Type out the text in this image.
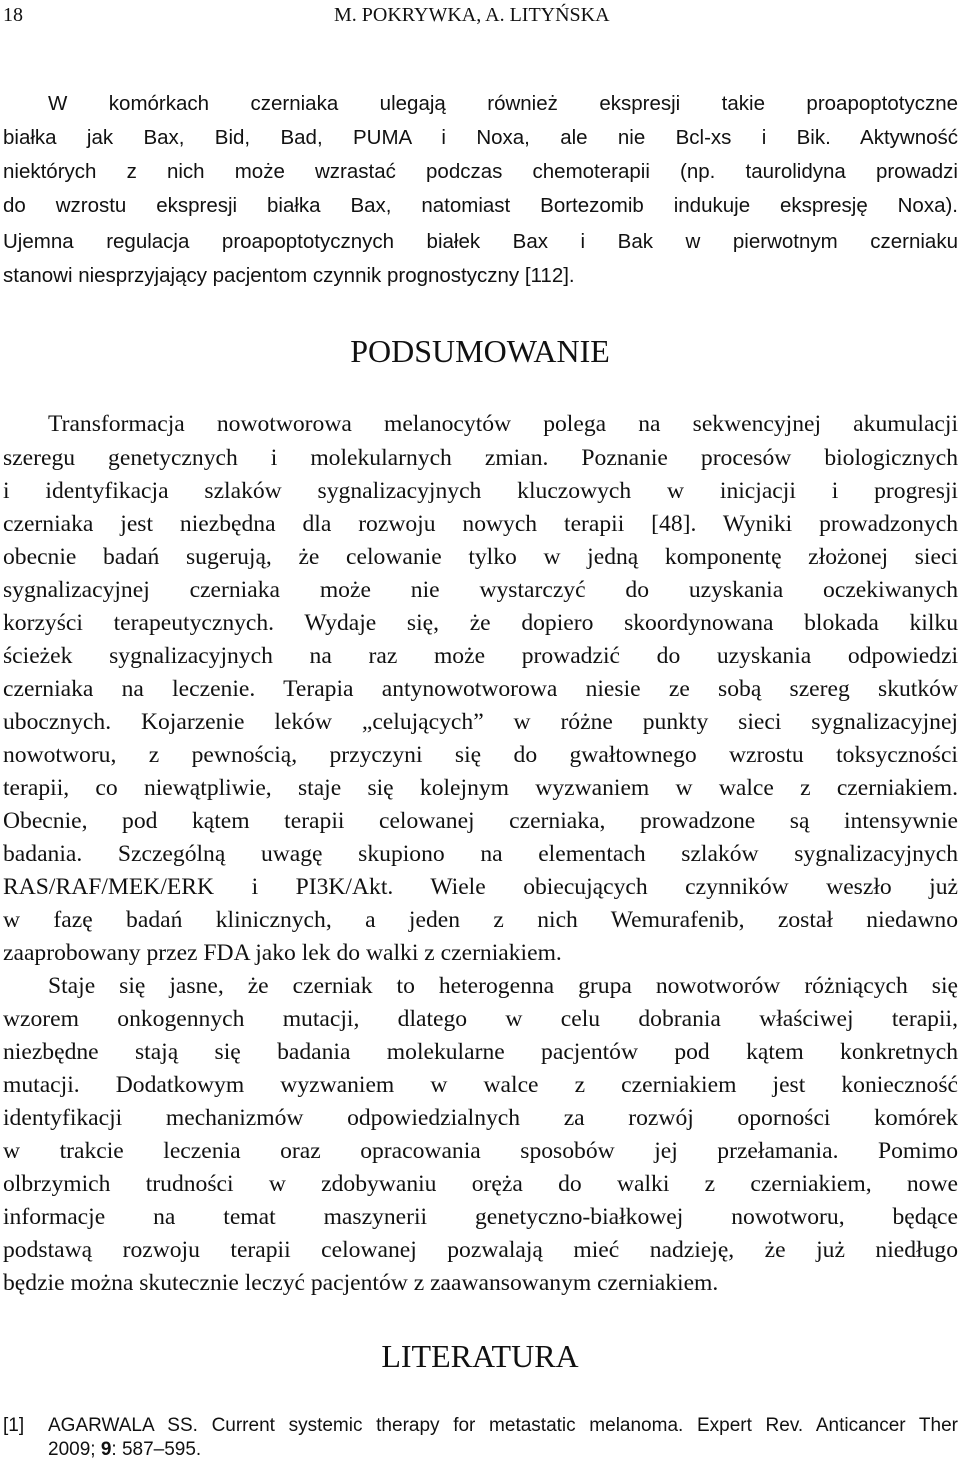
18	M. POKRYWKA, A. LITYŃSKA
W komórkach czerniaka ulegają również ekspresji takie proapoptotyczne
białka jak Bax, Bid, Bad, PUMA i Noxa, ale nie Bcl-xs i Bik. Aktywność
niektórych z nich może wzrastać podczas chemoterapii (np. taurolidyna prowadzi
do wzrostu ekspresji białka Bax, natomiast Bortezomib indukuje ekspresję Noxa).
Ujemna regulacja proapoptotycznych białek Bax i Bak w pierwotnym czerniaku
stanowi niesprzyjający pacjentom czynnik prognostyczny [112].
PODSUMOWANIE
Transformacja nowotworowa melanocytów polega na sekwencyjnej akumulacji
szeregu genetycznych i molekularnych zmian. Poznanie procesów biologicznych
i identyfikacja szlaków sygnalizacyjnych kluczowych w inicjacji i progresji
czerniaka jest niezbędna dla rozwoju nowych terapii [48]. Wyniki prowadzonych
obecnie badań sugerują, że celowanie tylko w jedną komponentę złożonej sieci
sygnalizacyjnej czerniaka może nie wystarczyć do uzyskania oczekiwanych
korzyści terapeutycznych. Wydaje się, że dopiero skoordynowana blokada kilku
ścieżek sygnalizacyjnych na raz może prowadzić do uzyskania odpowiedzi
czerniaka na leczenie. Terapia antynowotworowa niesie ze sobą szereg skutków
ubocznych. Kojarzenie leków „celujących” w różne punkty sieci sygnalizacyjnej
nowotworu, z pewnością, przyczyni się do gwałtownego wzrostu toksyczności
terapii, co niewątpliwie, staje się kolejnym wyzwaniem w walce z czerniakiem.
Obecnie, pod kątem terapii celowanej czerniaka, prowadzone są intensywnie
badania. Szczególną uwagę skupiono na elementach szlaków sygnalizacyjnych
RAS/RAF/MEK/ERK i PI3K/Akt. Wiele obiecujących czynników weszło już
w fazę badań klinicznych, a jeden z nich Wemurafenib, został niedawno
zaaprobowany przez FDA jako lek do walki z czerniakiem.
Staje się jasne, że czerniak to heterogenna grupa nowotworów różniących się
wzorem onkogennych mutacji, dlatego w celu dobrania właściwej terapii,
niezbędne stają się badania molekularne pacjentów pod kątem konkretnych
mutacji. Dodatkowym wyzwaniem w walce z czerniakiem jest konieczność
identyfikacji mechanizmów odpowiedzialnych za rozwój oporności komórek
w trakcie leczenia oraz opracowania sposobów jej przełamania. Pomimo
olbrzymich trudności w zdobywaniu oręża do walki z czerniakiem, nowe
informacje na temat maszynerii genetyczno-białkowej nowotworu, będące
podstawą rozwoju terapii celowanej pozwalają mieć nadzieję, że już niedługo
będzie można skutecznie leczyć pacjentów z zaawansowanym czerniakiem.
LITERATURA
[1] AGARWALA SS. Current systemic therapy for metastatic melanoma. Expert Rev. Anticancer Ther
2009; 9: 587–595.
